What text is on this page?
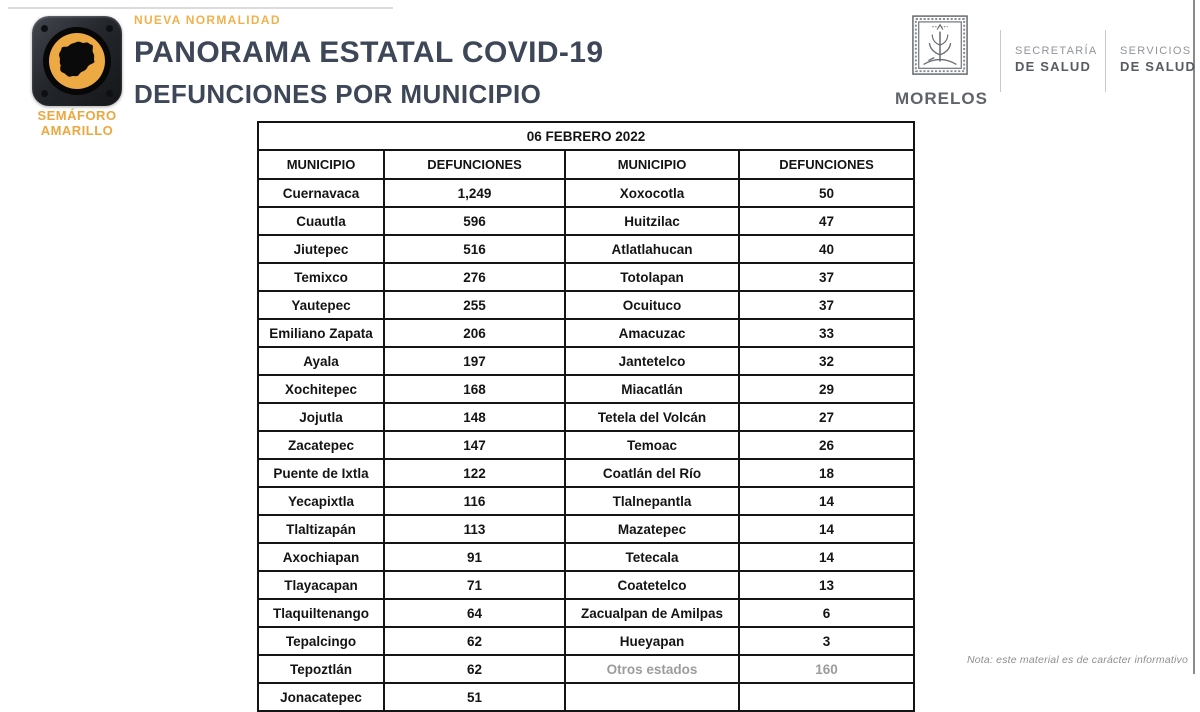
SEMÁFORO
AMARILLO
NUEVA NORMALIDAD
PANORAMA ESTATAL COVID-19
DEFUNCIONES POR MUNICIPIO	MORELOS
SECRETARÍA
DE SALUD
SERVICIOS
DE SALUD
06 FEBRERO 2022			
MUNICIPIO	DEFUNCIONES	MUNICIPIO	DEFUNCIONES
Cuernavaca	1,249	Xoxocotla	50
Cuautla	596	Huitzilac	47
Jiutepec	516	Atlatlahucan	40
Temixco	276	Totolapan	37
Yautepec	255	Ocuituco	37
Emiliano Zapata	206	Amacuzac	33
Ayala	197	Jantetelco	32
Xochitepec	168	Miacatlán	29
Jojutla	148	Tetela del Volcán	27
Zacatepec	147	Temoac	26
Puente de Ixtla	122	Coatlán del Río	18
Yecapixtla	116	Tlalnepantla	14
Tlaltizapán	113	Mazatepec	14
Axochiapan	91	Tetecala	14
Tlayacapan	71	Coatetelco	13
Tlaquiltenango	64	Zacualpan de Amilpas	6
Tepalcingo	62	Hueyapan	3
Tepoztlán	62	Otros estados	160
Jonacatepec	51		
Nota: este material es de carácter informativo
